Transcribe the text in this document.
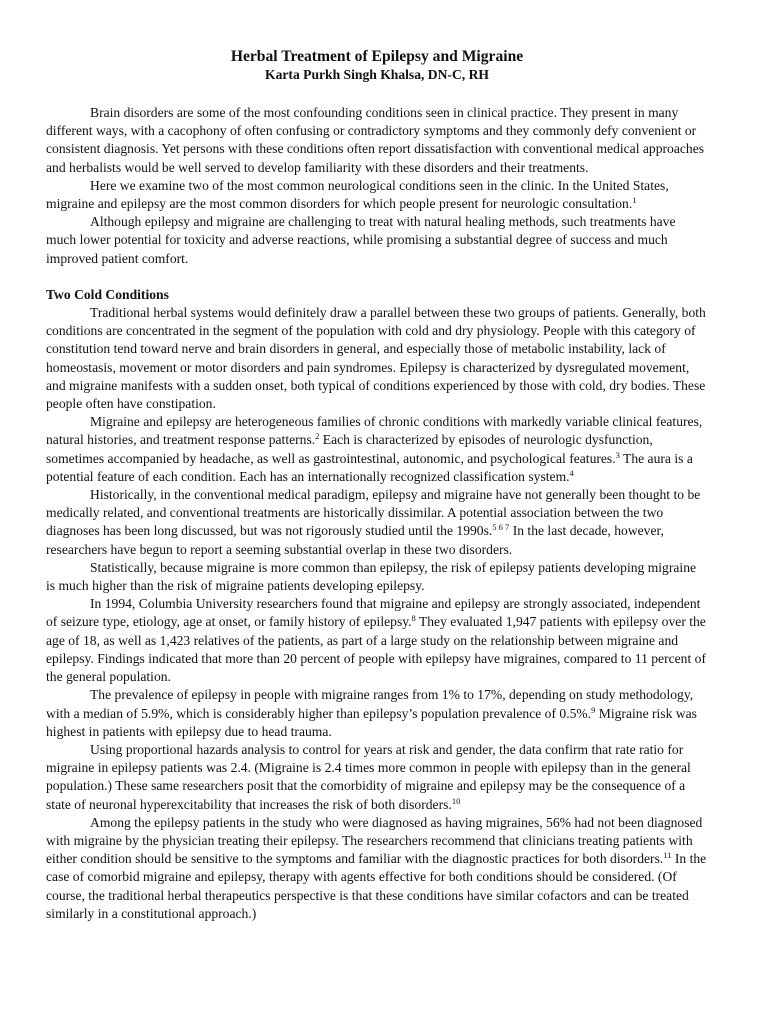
Herbal Treatment of Epilepsy and Migraine
Karta Purkh Singh Khalsa, DN-C, RH

Brain disorders are some of the most confounding conditions seen in clinical practice. They present in many different ways, with a cacophony of often confusing or contradictory symptoms and they commonly defy convenient or consistent diagnosis. Yet persons with these conditions often report dissatisfaction with conventional medical approaches and herbalists would be well served to develop familiarity with these disorders and their treatments.

Here we examine two of the most common neurological conditions seen in the clinic. In the United States, migraine and epilepsy are the most common disorders for which people present for neurologic consultation.$^1$

Although epilepsy and migraine are challenging to treat with natural healing methods, such treatments have much lower potential for toxicity and adverse reactions, while promising a substantial degree of success and much improved patient comfort.

Two Cold Conditions

Traditional herbal systems would definitely draw a parallel between these two groups of patients. Generally, both conditions are concentrated in the segment of the population with cold and dry physiology. People with this category of constitution tend toward nerve and brain disorders in general, and especially those of metabolic instability, lack of homeostasis, movement or motor disorders and pain syndromes. Epilepsy is characterized by dysregulated movement, and migraine manifests with a sudden onset, both typical of conditions experienced by those with cold, dry bodies. These people often have constipation.

Migraine and epilepsy are heterogeneous families of chronic conditions with markedly variable clinical features, natural histories, and treatment response patterns.$^2$ Each is characterized by episodes of neurologic dysfunction, sometimes accompanied by headache, as well as gastrointestinal, autonomic, and psychological features.$^3$ The aura is a potential feature of each condition. Each has an internationally recognized classification system.$^4$

Historically, in the conventional medical paradigm, epilepsy and migraine have not generally been thought to be medically related, and conventional treatments are historically dissimilar. A potential association between the two diagnoses has been long discussed, but was not rigorously studied until the 1990s.$^{5 6 7}$ In the last decade, however, researchers have begun to report a seeming substantial overlap in these two disorders.

Statistically, because migraine is more common than epilepsy, the risk of epilepsy patients developing migraine is much higher than the risk of migraine patients developing epilepsy.

In 1994, Columbia University researchers found that migraine and epilepsy are strongly associated, independent of seizure type, etiology, age at onset, or family history of epilepsy.$^8$ They evaluated 1,947 patients with epilepsy over the age of 18, as well as 1,423 relatives of the patients, as part of a large study on the relationship between migraine and epilepsy. Findings indicated that more than 20 percent of people with epilepsy have migraines, compared to 11 percent of the general population.

The prevalence of epilepsy in people with migraine ranges from 1% to 17%, depending on study methodology, with a median of 5.9%, which is considerably higher than epilepsy’s population prevalence of 0.5%.$^9$ Migraine risk was highest in patients with epilepsy due to head trauma.

Using proportional hazards analysis to control for years at risk and gender, the data confirm that rate ratio for migraine in epilepsy patients was 2.4. (Migraine is 2.4 times more common in people with epilepsy than in the general population.) These same researchers posit that the comorbidity of migraine and epilepsy may be the consequence of a state of neuronal hyperexcitability that increases the risk of both disorders.$^{10}$

Among the epilepsy patients in the study who were diagnosed as having migraines, 56% had not been diagnosed with migraine by the physician treating their epilepsy. The researchers recommend that clinicians treating patients with either condition should be sensitive to the symptoms and familiar with the diagnostic practices for both disorders.$^{11}$ In the case of comorbid migraine and epilepsy, therapy with agents effective for both conditions should be considered. (Of course, the traditional herbal therapeutics perspective is that these conditions have similar cofactors and can be treated similarly in a constitutional approach.)
